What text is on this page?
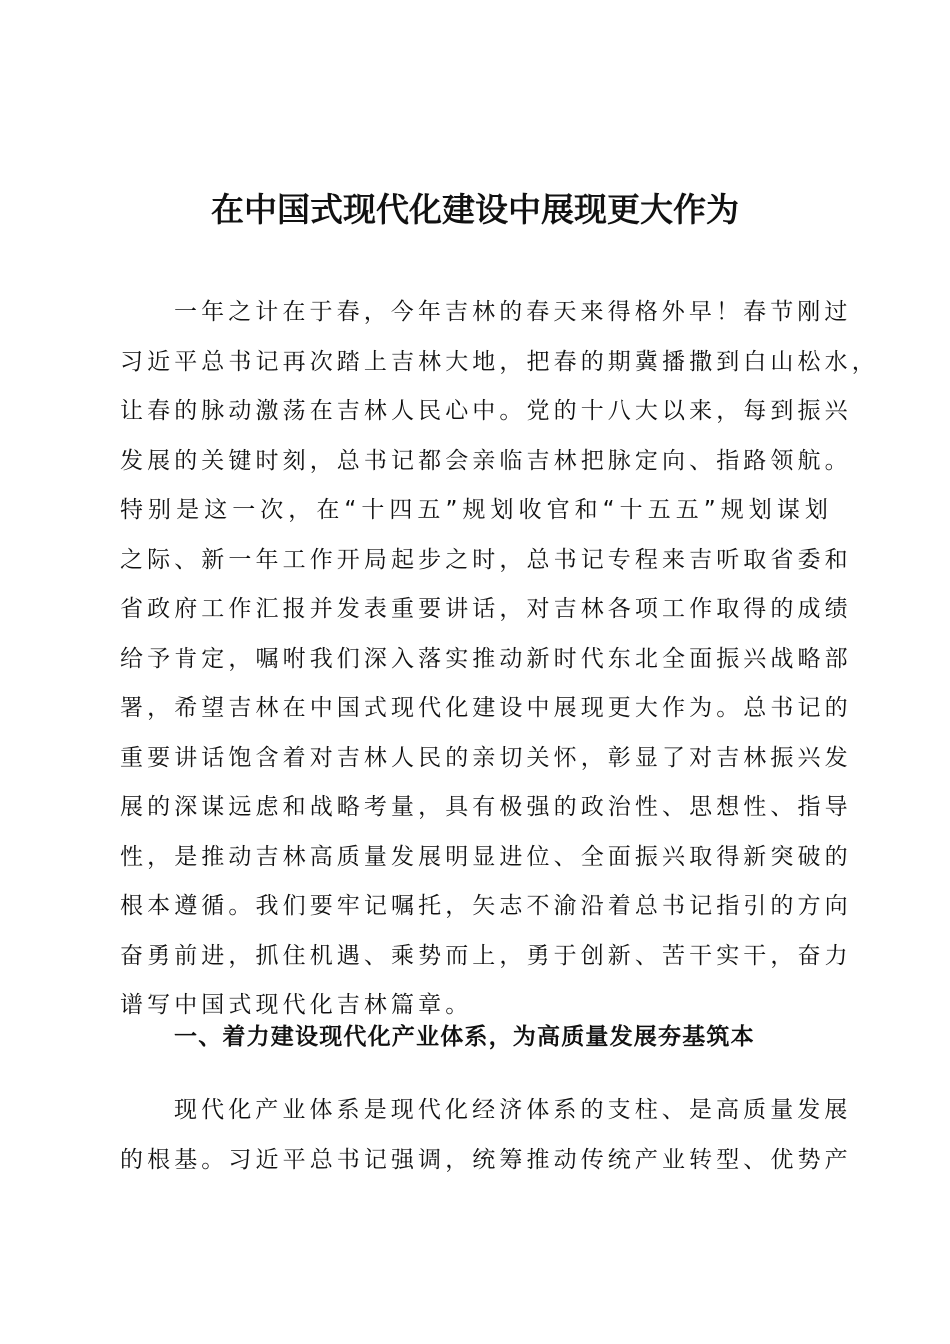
在中国式现代化建设中展现更大作为
一年之计在于春，今年吉林的春天来得格外早！春节刚过
习近平总书记再次踏上吉林大地，把春的期冀播撒到白山松水，
让春的脉动激荡在吉林人民心中。党的十八大以来，每到振兴
发展的关键时刻，总书记都会亲临吉林把脉定向、指路领航。
特别是这一次，在“十四五”规划收官和“十五五”规划谋划
之际、新一年工作开局起步之时，总书记专程来吉听取省委和
省政府工作汇报并发表重要讲话，对吉林各项工作取得的成绩
给予肯定，嘱咐我们深入落实推动新时代东北全面振兴战略部
署，希望吉林在中国式现代化建设中展现更大作为。总书记的
重要讲话饱含着对吉林人民的亲切关怀，彰显了对吉林振兴发
展的深谋远虑和战略考量，具有极强的政治性、思想性、指导
性，是推动吉林高质量发展明显进位、全面振兴取得新突破的
根本遵循。我们要牢记嘱托，矢志不渝沿着总书记指引的方向
奋勇前进，抓住机遇、乘势而上，勇于创新、苦干实干，奋力
谱写中国式现代化吉林篇章。
一、着力建设现代化产业体系，为高质量发展夯基筑本
现代化产业体系是现代化经济体系的支柱、是高质量发展
的根基。习近平总书记强调，统筹推动传统产业转型、优势产
